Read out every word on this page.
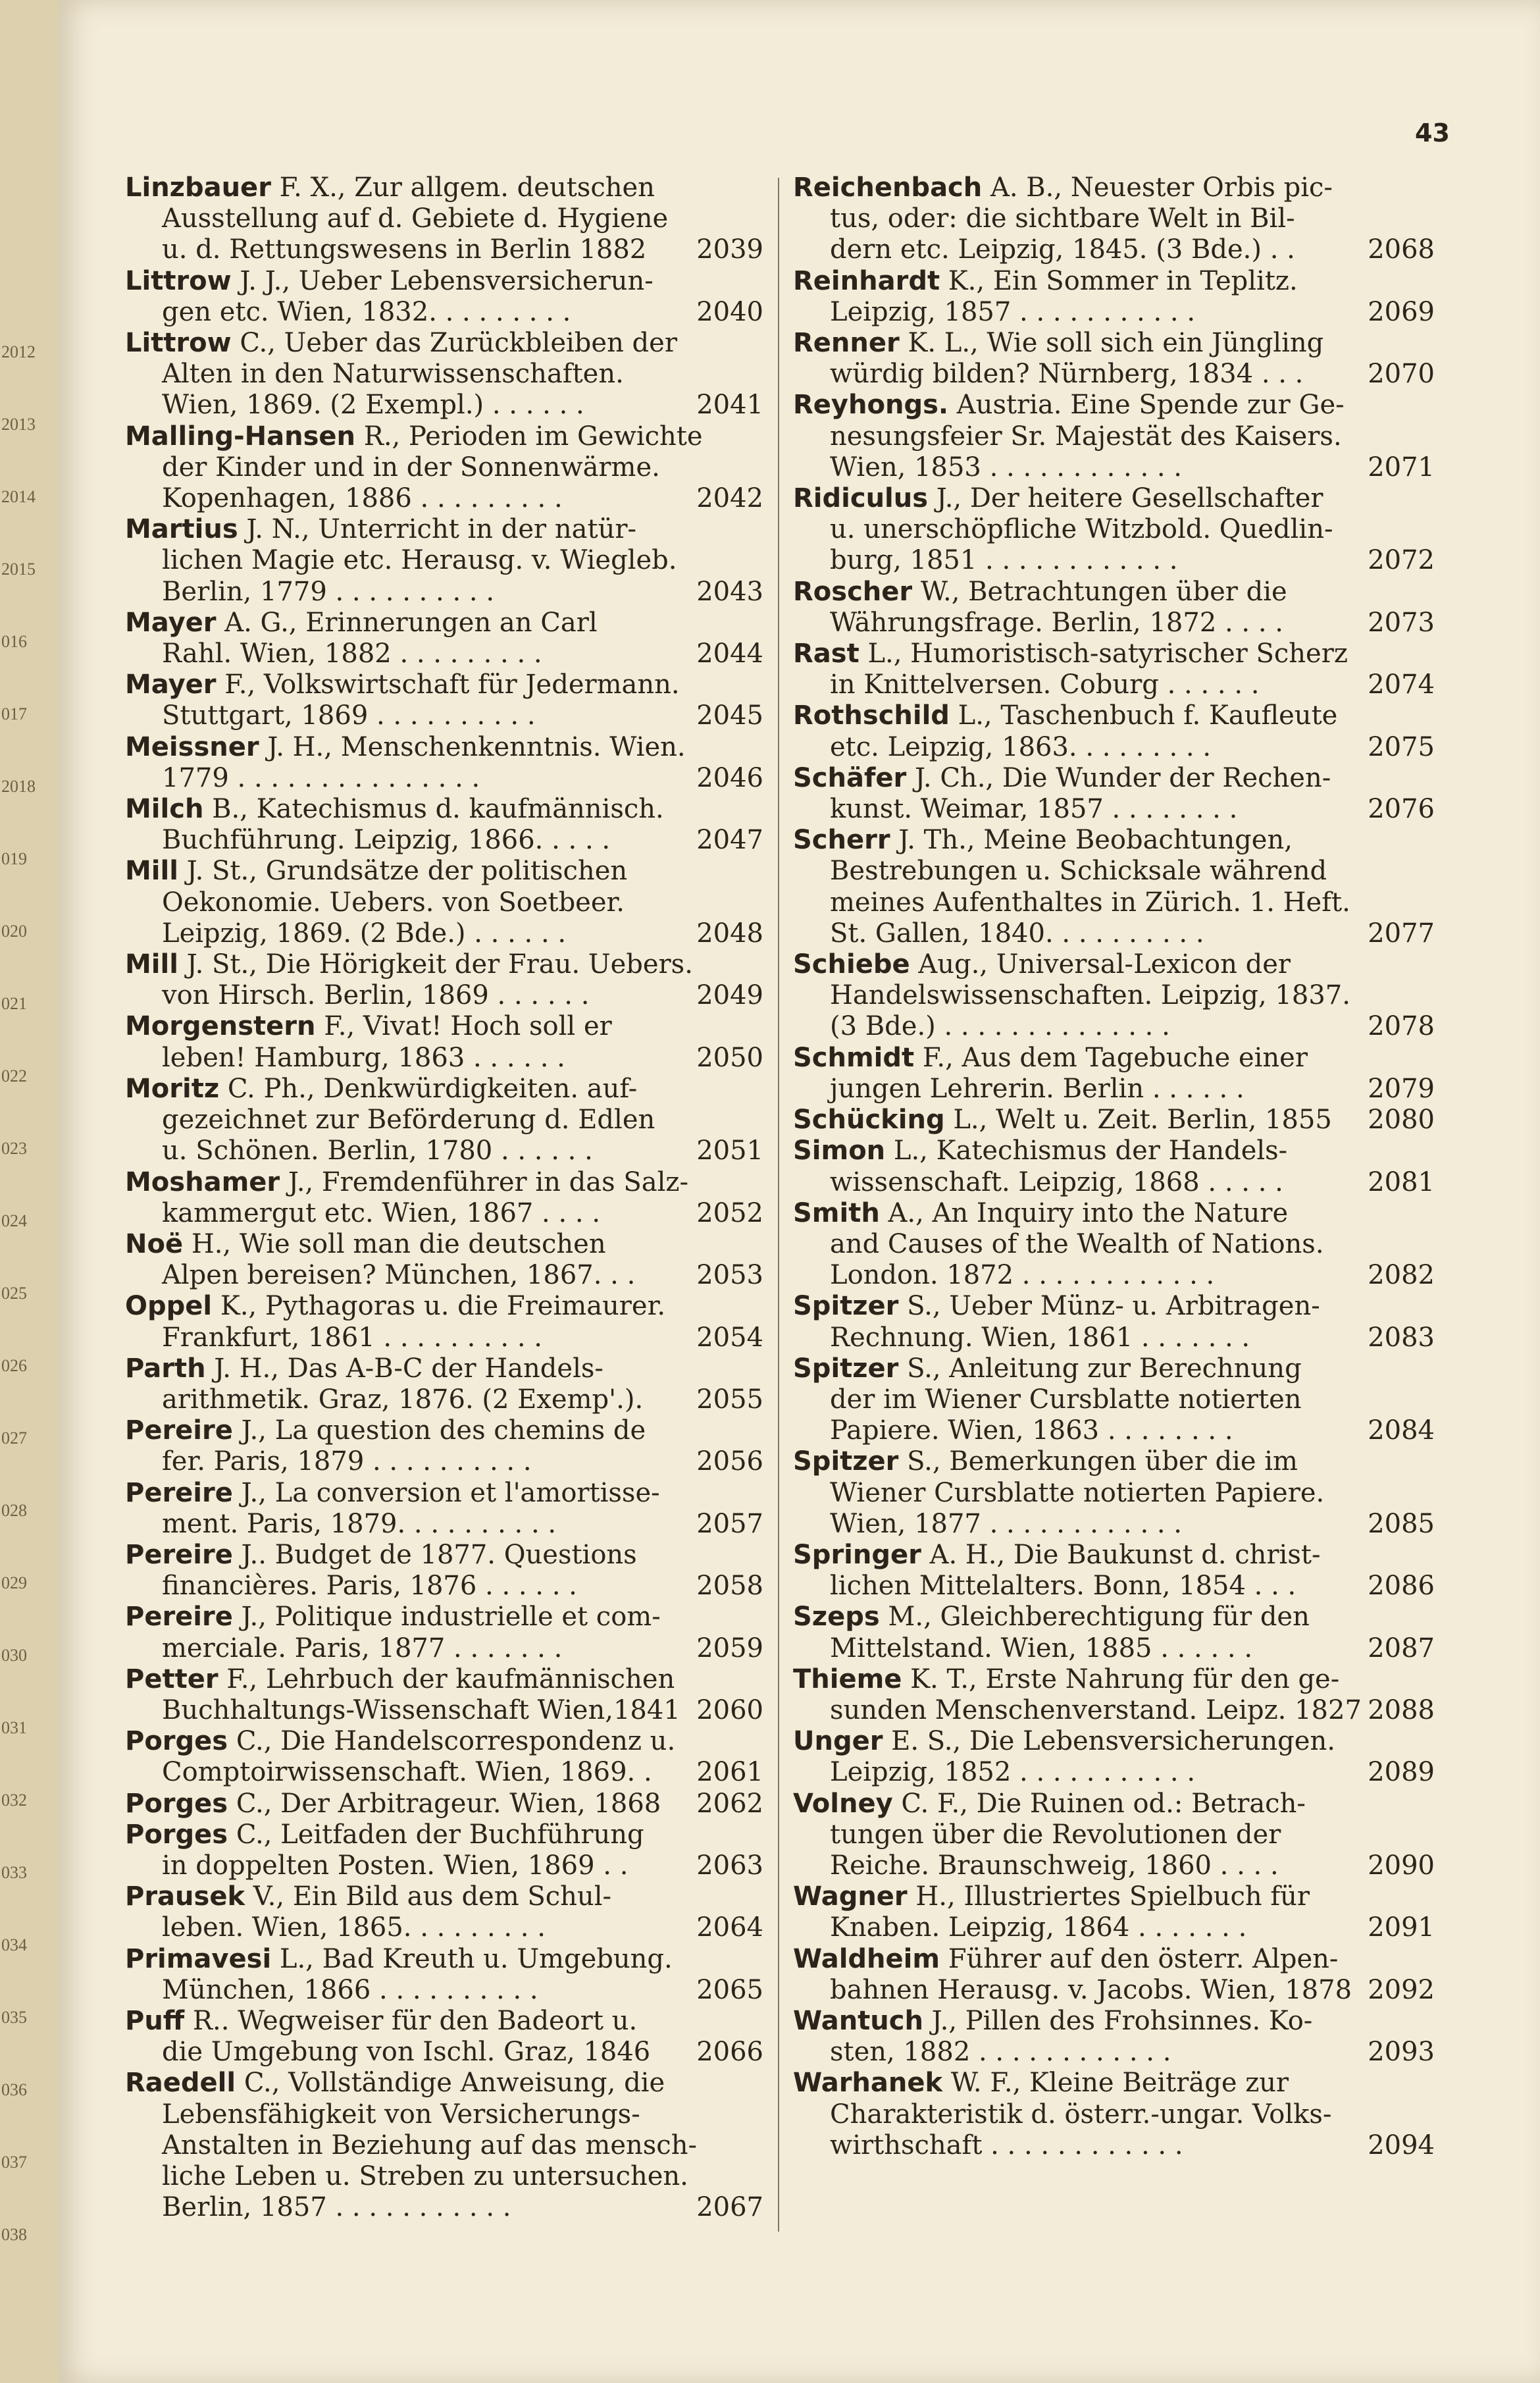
2012
2013
2014
2015
016
017
2018
019
020
021
022
023
024
025
026
027
028
029
030
031
032
033
034
035
036
037
038
43
Linzbauer F. X., Zur allgem. deutschen
Ausstellung auf d. Gebiete d. Hygiene
u. d. Rettungswesens in Berlin 1882	2039
Littrow J. J., Ueber Lebensversicherun-
gen etc. Wien, 1832. . . . . . . . .	2040
Littrow C., Ueber das Zurückbleiben der
Alten in den Naturwissenschaften.
Wien, 1869. (2 Exempl.) . . . . . .	2041
Malling-Hansen R., Perioden im Gewichte
der Kinder und in der Sonnenwärme.
Kopenhagen, 1886 . . . . . . . . .	2042
Martius J. N., Unterricht in der natür-
lichen Magie etc. Herausg. v. Wiegleb.
Berlin, 1779 . . . . . . . . . .	2043
Mayer A. G., Erinnerungen an Carl
Rahl. Wien, 1882 . . . . . . . . .	2044
Mayer F., Volkswirtschaft für Jedermann.
Stuttgart, 1869 . . . . . . . . . .	2045
Meissner J. H., Menschenkenntnis. Wien.
1779 . . . . . . . . . . . . . . .	2046
Milch B., Katechismus d. kaufmännisch.
Buchführung. Leipzig, 1866. . . . .	2047
Mill J. St., Grundsätze der politischen
Oekonomie. Uebers. von Soetbeer.
Leipzig, 1869. (2 Bde.) . . . . . .	2048
Mill J. St., Die Hörigkeit der Frau. Uebers.
von Hirsch. Berlin, 1869 . . . . . .	2049
Morgenstern F., Vivat! Hoch soll er
leben! Hamburg, 1863 . . . . . .	2050
Moritz C. Ph., Denkwürdigkeiten. auf-
gezeichnet zur Beförderung d. Edlen
u. Schönen. Berlin, 1780 . . . . . .	2051
Moshamer J., Fremdenführer in das Salz-
kammergut etc. Wien, 1867 . . . .	2052
Noë H., Wie soll man die deutschen
Alpen bereisen? München, 1867. . .	2053
Oppel K., Pythagoras u. die Freimaurer.
Frankfurt, 1861 . . . . . . . . . .	2054
Parth J. H., Das A-B-C der Handels-
arithmetik. Graz, 1876. (2 Exemp'.).	2055
Pereire J., La question des chemins de
fer. Paris, 1879 . . . . . . . . . .	2056
Pereire J., La conversion et l'amortisse-
ment. Paris, 1879. . . . . . . . . .	2057
Pereire J.. Budget de 1877. Questions
financières. Paris, 1876 . . . . . .	2058
Pereire J., Politique industrielle et com-
merciale. Paris, 1877 . . . . . . .	2059
Petter F., Lehrbuch der kaufmännischen
Buchhaltungs-Wissenschaft Wien,1841 2060
Porges C., Die Handelscorrespondenz u.
Comptoirwissenschaft. Wien, 1869. .	2061
Porges C., Der Arbitrageur. Wien, 1868	2062
Porges C., Leitfaden der Buchführung
in doppelten Posten. Wien, 1869 . .	2063
Prausek V., Ein Bild aus dem Schul-
leben. Wien, 1865. . . . . . . . .	2064
Primavesi L., Bad Kreuth u. Umgebung.
München, 1866 . . . . . . . . . .	2065
Puff R.. Wegweiser für den Badeort u.
die Umgebung von Ischl. Graz, 1846	2066
Raedell C., Vollständige Anweisung, die
Lebensfähigkeit von Versicherungs-
Anstalten in Beziehung auf das mensch-
liche Leben u. Streben zu untersuchen.
Berlin, 1857 . . . . . . . . . . .	2067
Reichenbach A. B., Neuester Orbis pic-
tus, oder: die sichtbare Welt in Bil-
dern etc. Leipzig, 1845. (3 Bde.) . .	2068
Reinhardt K., Ein Sommer in Teplitz.
Leipzig, 1857 . . . . . . . . . . .	2069
Renner K. L., Wie soll sich ein Jüngling
würdig bilden? Nürnberg, 1834 . . .	2070
Reyhongs. Austria. Eine Spende zur Ge-
nesungsfeier Sr. Majestät des Kaisers.
Wien, 1853 . . . . . . . . . . . .	2071
Ridiculus J., Der heitere Gesellschafter
u. unerschöpfliche Witzbold. Quedlin-
burg, 1851 . . . . . . . . . . . .	2072
Roscher W., Betrachtungen über die
Währungsfrage. Berlin, 1872 . . . .	2073
Rast L., Humoristisch-satyrischer Scherz
in Knittelversen. Coburg . . . . . .	2074
Rothschild L., Taschenbuch f. Kaufleute
etc. Leipzig, 1863. . . . . . . . .	2075
Schäfer J. Ch., Die Wunder der Rechen-
kunst. Weimar, 1857 . . . . . . . .	2076
Scherr J. Th., Meine Beobachtungen,
Bestrebungen u. Schicksale während
meines Aufenthaltes in Zürich. 1. Heft.
St. Gallen, 1840. . . . . . . . . .	2077
Schiebe Aug., Universal-Lexicon der
Handelswissenschaften. Leipzig, 1837.
(3 Bde.) . . . . . . . . . . . . . .	2078
Schmidt F., Aus dem Tagebuche einer
jungen Lehrerin. Berlin . . . . . .	2079
Schücking L., Welt u. Zeit. Berlin, 1855	2080
Simon L., Katechismus der Handels-
wissenschaft. Leipzig, 1868 . . . . .	2081
Smith A., An Inquiry into the Nature
and Causes of the Wealth of Nations.
London. 1872 . . . . . . . . . . . .	2082
Spitzer S., Ueber Münz- u. Arbitragen-
Rechnung. Wien, 1861 . . . . . . .	2083
Spitzer S., Anleitung zur Berechnung
der im Wiener Cursblatte notierten
Papiere. Wien, 1863 . . . . . . . .	2084
Spitzer S., Bemerkungen über die im
Wiener Cursblatte notierten Papiere.
Wien, 1877 . . . . . . . . . . . .	2085
Springer A. H., Die Baukunst d. christ-
lichen Mittelalters. Bonn, 1854 . . .	2086
Szeps M., Gleichberechtigung für den
Mittelstand. Wien, 1885 . . . . . .	2087
Thieme K. T., Erste Nahrung für den ge-
sunden Menschenverstand. Leipz. 1827 2088
Unger E. S., Die Lebensversicherungen.
Leipzig, 1852 . . . . . . . . . . .	2089
Volney C. F., Die Ruinen od.: Betrach-
tungen über die Revolutionen der
Reiche. Braunschweig, 1860 . . . .	2090
Wagner H., Illustriertes Spielbuch für
Knaben. Leipzig, 1864 . . . . . . .	2091
Waldheim Führer auf den österr. Alpen-
bahnen Herausg. v. Jacobs. Wien, 1878 2092
Wantuch J., Pillen des Frohsinnes. Ko-
sten, 1882 . . . . . . . . . . . .	2093
Warhanek W. F., Kleine Beiträge zur
Charakteristik d. österr.-ungar. Volks-
wirthschaft . . . . . . . . . . . .	2094
